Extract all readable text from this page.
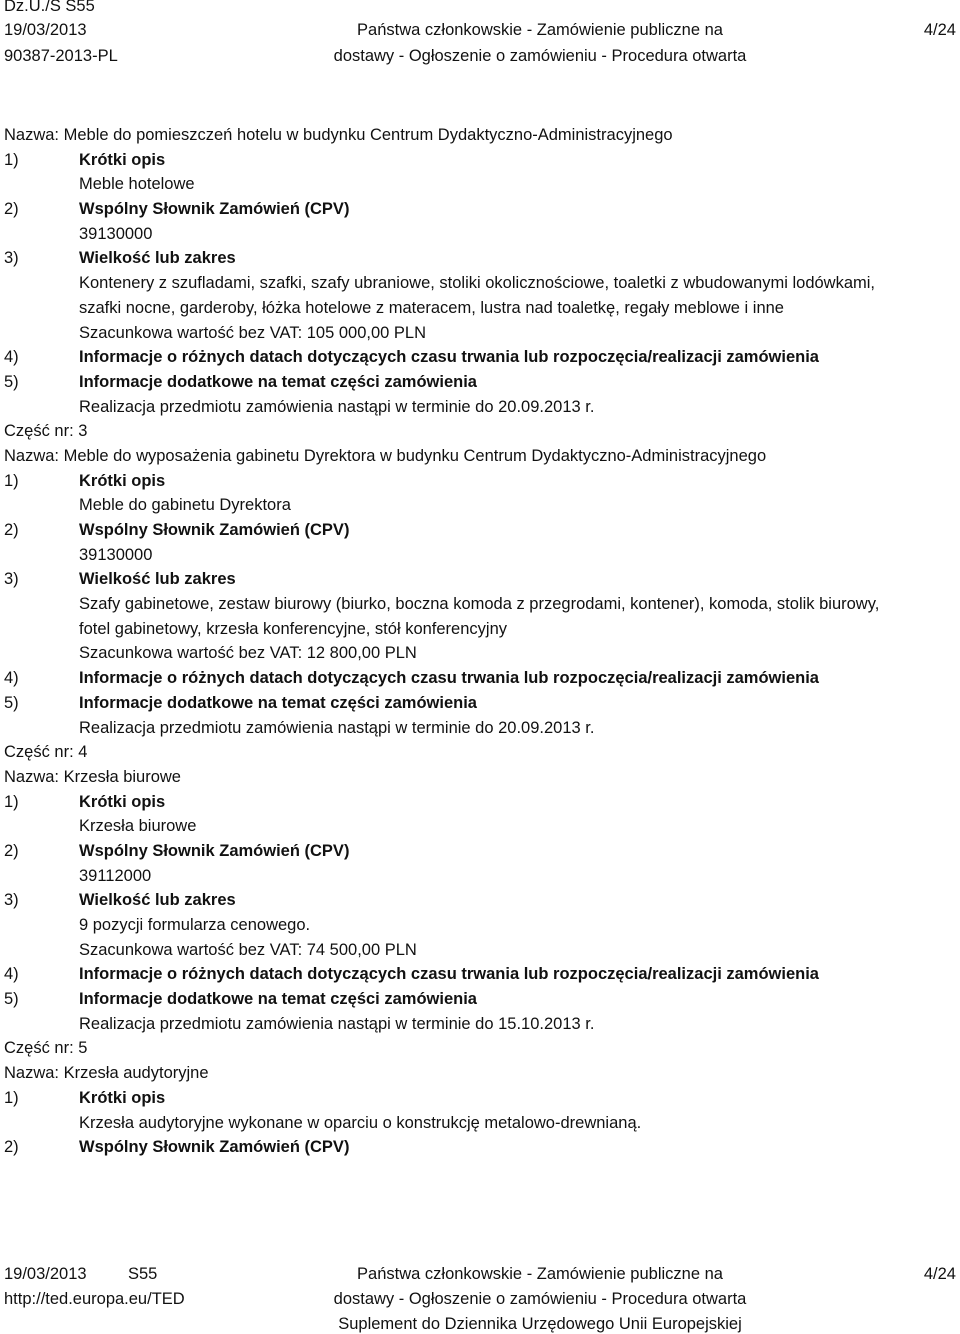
Dz.U./S S55
19/03/2013
90387-2013-PL
Państwa członkowskie - Zamówienie publiczne na
dostawy - Ogłoszenie o zamówieniu - Procedura otwarta
4/24
Nazwa: Meble do pomieszczeń hotelu w budynku Centrum Dydaktyczno-Administracyjnego
1)	Krótki opis
Meble hotelowe
2)	Wspólny Słownik Zamówień (CPV)
39130000
3)	Wielkość lub zakres
Kontenery z szufladami, szafki, szafy ubraniowe, stoliki okolicznościowe, toaletki z wbudowanymi lodówkami,
szafki nocne, garderoby, łóżka hotelowe z materacem, lustra nad toaletkę, regały meblowe i inne
Szacunkowa wartość bez VAT: 105 000,00 PLN
4)	Informacje o różnych datach dotyczących czasu trwania lub rozpoczęcia/realizacji zamówienia
5)	Informacje dodatkowe na temat części zamówienia
Realizacja przedmiotu zamówienia nastąpi w terminie do 20.09.2013 r.
Część nr: 3
Nazwa: Meble do wyposażenia gabinetu Dyrektora w budynku Centrum Dydaktyczno-Administracyjnego
1)	Krótki opis
Meble do gabinetu Dyrektora
2)	Wspólny Słownik Zamówień (CPV)
39130000
3)	Wielkość lub zakres
Szafy gabinetowe, zestaw biurowy (biurko, boczna komoda z przegrodami, kontener), komoda, stolik biurowy,
fotel gabinetowy, krzesła konferencyjne, stół konferencyjny
Szacunkowa wartość bez VAT: 12 800,00 PLN
4)	Informacje o różnych datach dotyczących czasu trwania lub rozpoczęcia/realizacji zamówienia
5)	Informacje dodatkowe na temat części zamówienia
Realizacja przedmiotu zamówienia nastąpi w terminie do 20.09.2013 r.
Część nr: 4
Nazwa: Krzesła biurowe
1)	Krótki opis
Krzesła biurowe
2)	Wspólny Słownik Zamówień (CPV)
39112000
3)	Wielkość lub zakres
9 pozycji formularza cenowego.
Szacunkowa wartość bez VAT: 74 500,00 PLN
4)	Informacje o różnych datach dotyczących czasu trwania lub rozpoczęcia/realizacji zamówienia
5)	Informacje dodatkowe na temat części zamówienia
Realizacja przedmiotu zamówienia nastąpi w terminie do 15.10.2013 r.
Część nr: 5
Nazwa: Krzesła audytoryjne
1)	Krótki opis
Krzesła audytoryjne wykonane w oparciu o konstrukcję metalowo-drewnianą.
2)	Wspólny Słownik Zamówień (CPV)
19/03/2013	S55
http://ted.europa.eu/TED
Państwa członkowskie - Zamówienie publiczne na
dostawy - Ogłoszenie o zamówieniu - Procedura otwarta
Suplement do Dziennika Urzędowego Unii Europejskiej
4/24
